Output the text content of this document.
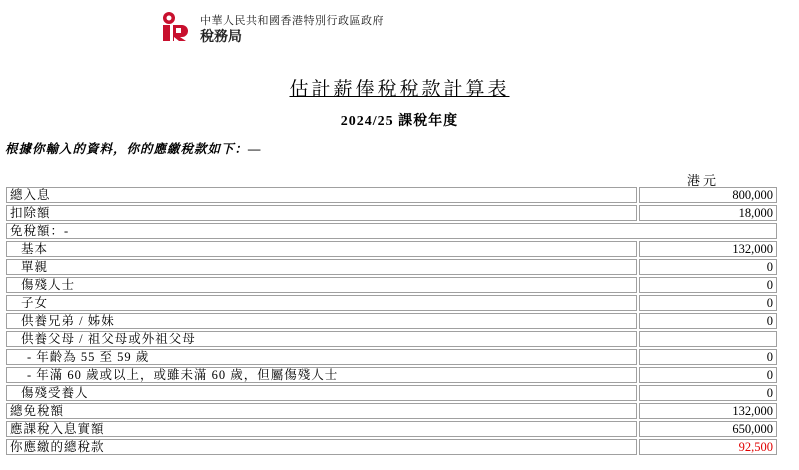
中華人民共和國香港特別行政區政府
稅務局
估計薪俸稅稅款計算表
2024/25 課稅年度
根據你輸入的資料，你的應繳稅款如下：—
港元
總入息	800,000
扣除額	18,000
免稅額：-	
基本	132,000
單親	0
傷殘人士	0
子女	0
供養兄弟 / 姊妹	0
供養父母 / 祖父母或外祖父母	
- 年齡為 55 至 59 歲	0
- 年滿 60 歲或以上，或雖未滿 60 歲，但屬傷殘人士	0
傷殘受養人	0
總免稅額	132,000
應課稅入息實額	650,000
你應繳的總稅款	92,500
